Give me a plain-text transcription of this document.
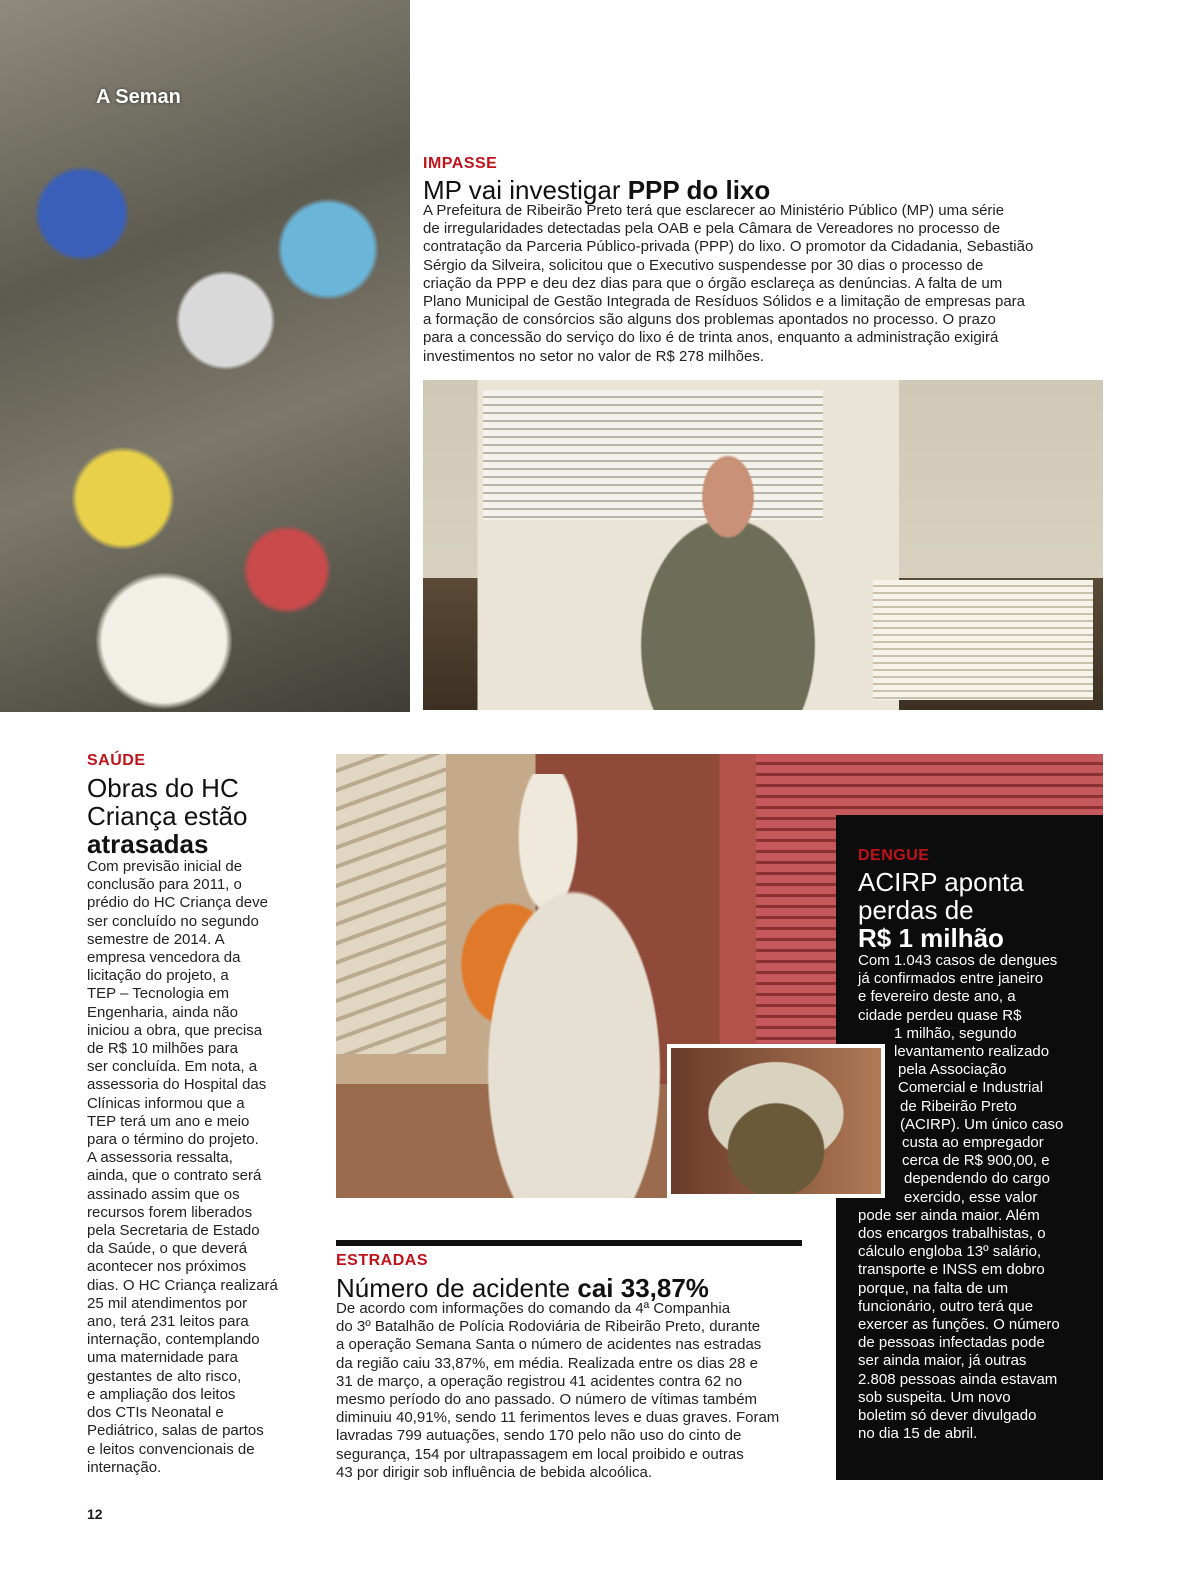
A Seman
IMPASSE
MP vai investigar PPP do lixo
A Prefeitura de Ribeirão Preto terá que esclarecer ao Ministério Público (MP) uma série
de irregularidades detectadas pela OAB e pela Câmara de Vereadores no processo de
contratação da Parceria Público-privada (PPP) do lixo. O promotor da Cidadania, Sebastião
Sérgio da Silveira, solicitou que o Executivo suspendesse por 30 dias o processo de
criação da PPP e deu dez dias para que o órgão esclareça as denúncias. A falta de um
Plano Municipal de Gestão Integrada de Resíduos Sólidos e a limitação de empresas para
a formação de consórcios são alguns dos problemas apontados no processo. O prazo
para a concessão do serviço do lixo é de trinta anos, enquanto a administração exigirá
investimentos no setor no valor de R$ 278 milhões.
SAÚDE
Obras do HC
Criança estão
atrasadas
Com previsão inicial de
conclusão para 2011, o
prédio do HC Criança deve
ser concluído no segundo
semestre de 2014. A
empresa vencedora da
licitação do projeto, a
TEP – Tecnologia em
Engenharia, ainda não
iniciou a obra, que precisa
de R$ 10 milhões para
ser concluída. Em nota, a
assessoria do Hospital das
Clínicas informou que a
TEP terá um ano e meio
para o término do projeto.
A assessoria ressalta,
ainda, que o contrato será
assinado assim que os
recursos forem liberados
pela Secretaria de Estado
da Saúde, o que deverá
acontecer nos próximos
dias. O HC Criança realizará
25 mil atendimentos por
ano, terá 231 leitos para
internação, contemplando
uma maternidade para
gestantes de alto risco,
e ampliação dos leitos
dos CTIs Neonatal e
Pediátrico, salas de partos
e leitos convencionais de
internação.
ESTRADAS
Número de acidente cai 33,87%
De acordo com informações do comando da 4ª Companhia
do 3º Batalhão de Polícia Rodoviária de Ribeirão Preto, durante
a operação Semana Santa o número de acidentes nas estradas
da região caiu 33,87%, em média. Realizada entre os dias 28 e
31 de março, a operação registrou 41 acidentes contra 62 no
mesmo período do ano passado. O número de vítimas também
diminuiu 40,91%, sendo 11 ferimentos leves e duas graves. Foram
lavradas 799 autuações, sendo 170 pelo não uso do cinto de
segurança, 154 por ultrapassagem em local proibido e outras
43 por dirigir sob influência de bebida alcoólica.
DENGUE
ACIRP aponta
perdas de
R$ 1 milhão
Com 1.043 casos de dengues
já confirmados entre janeiro
e fevereiro deste ano, a
cidade perdeu quase R$
1 milhão, segundo
levantamento realizado
pela Associação
Comercial e Industrial
de Ribeirão Preto
(ACIRP). Um único caso
custa ao empregador
cerca de R$ 900,00, e
dependendo do cargo
exercido, esse valor
pode ser ainda maior. Além
dos encargos trabalhistas, o
cálculo engloba 13º salário,
transporte e INSS em dobro
porque, na falta de um
funcionário, outro terá que
exercer as funções. O número
de pessoas infectadas pode
ser ainda maior, já outras
2.808 pessoas ainda estavam
sob suspeita. Um novo
boletim só dever divulgado
no dia 15 de abril.
12
